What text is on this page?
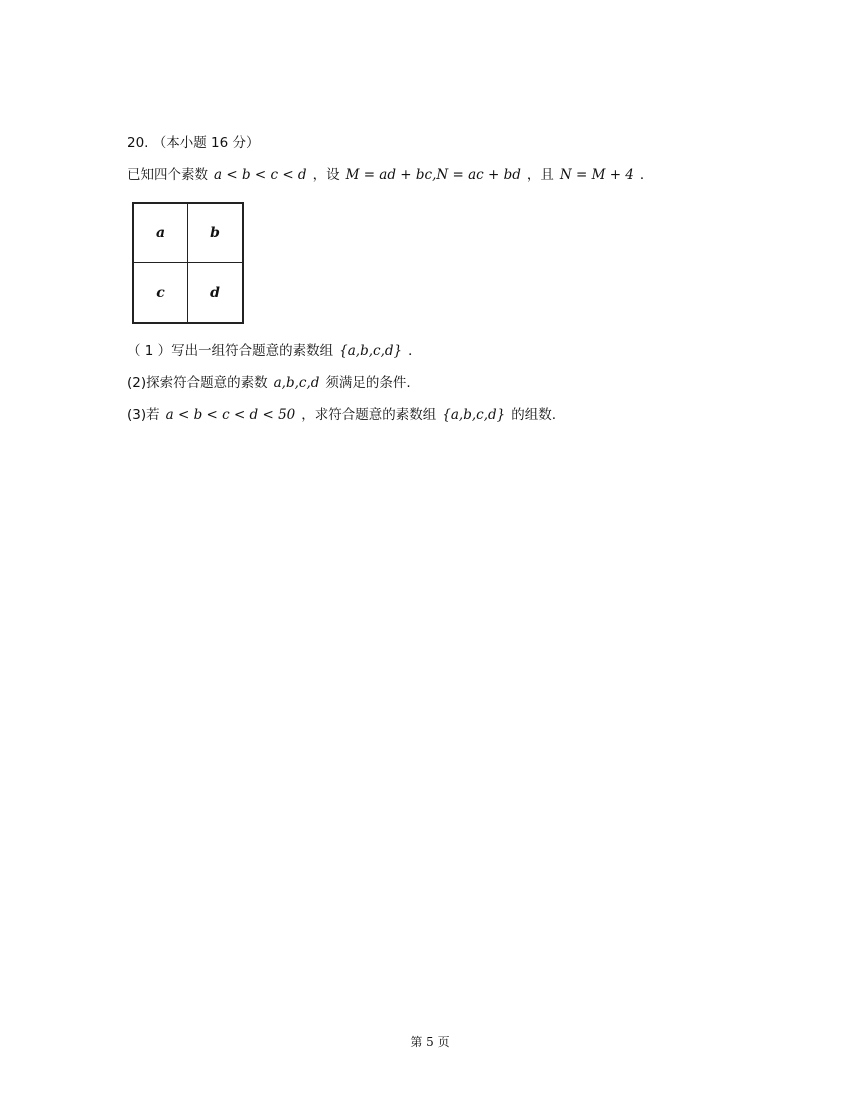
20. （本小题 16 分）
已知四个素数 a < b < c < d ，设 M = ad + bc,N = ac + bd ，且 N = M + 4 ．
a	b
c	d
（ 1 ）写出一组符合题意的素数组 {a,b,c,d} ．
(2)探索符合题意的素数 a,b,c,d 须满足的条件.
(3)若 a < b < c < d < 50 ，求符合题意的素数组 {a,b,c,d} 的组数.
第 5 页
